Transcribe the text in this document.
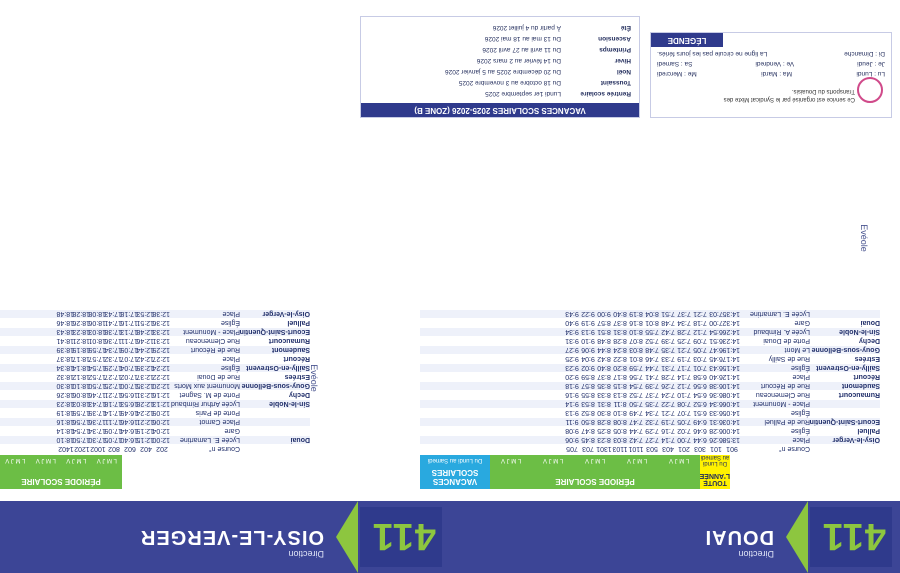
411
Direction
DOUAI
411
Direction
OISY-LE-VERGER
TOUTE L'ANNÉE
Du Lundi
au Samedi
PÉRIODE SCOLAIRE
L M J V
L M J V
L M J V
L M J V
L M J V
VACANCES SCOLAIRES
Du Lundi au Samedi
PÉRIODE SCOLAIRE
L M J V
L M J V
L M J V
L M J V
Course n°
901
101
303
201
403
503
1101
1103
1301
703
705
Oisy-le-Verger
Place
13:58
6:26
6:44
7:00
7:14
7:27
7:42
8:03
8:23
8:45
9:06
Palluel
Église
14:00
6:28
6:46
7:02
7:16
7:29
7:44
8:05
8:25
8:47
9:08
Ecourt-Saint-Quentin
Rue de Palluel
14:03
6:31
6:49
7:05
7:19
7:32
7:47
8:08
8:28
8:50
9:11
Église
14:05
6:33
6:51
7:07
7:21
7:34
7:49
8:10
8:30
8:52
9:13
Place - Monument
14:06
6:34
6:52
7:08
7:22
7:35
7:50
8:11
8:31
8:53
9:14
Rumaucourt
Rue Clemenceau
14:08
6:36
6:54
7:10
7:24
7:37
7:52
8:13
8:33
8:55
9:16
Saudemont
Rue de Récourt
14:10
6:38
6:56
7:12
7:26
7:39
7:54
8:15
8:35
8:57
9:18
Récourt
Place
14:12
6:40
6:58
7:14
7:28
7:41
7:56
8:17
8:37
8:59
9:20
Sailly-en-Ostrevent
Église
14:15
6:43
7:01
7:17
7:31
7:44
7:59
8:20
8:40
9:02
9:23
Estrées
Rue de Sailly
14:17
6:45
7:03
7:19
7:33
7:46
8:01
8:22
8:42
9:04
9:25
Gouy-sous-Bellonne
Le Mont
14:19
6:47
7:05
7:21
7:35
7:48
8:03
8:24
8:44
9:06
9:27
Dechy
Porte de Douai
14:23
6:51
7:09
7:25
7:39
7:52
8:07
8:28
8:48
9:10
9:31
Sin-le-Noble
Lycée A. Rimbaud
14:26
6:54
7:12
7:28
7:42
7:55
8:10
8:31
8:51
9:13
9:34
Douai
Gare
14:32
7:00
7:18
7:34
7:48
8:01
8:16
8:37
8:57
9:19
9:40
Lycée E. Lamartine
14:35
7:03
7:21
7:37
7:51
8:04
8:19
8:40
9:00
9:22
9:43
Course n°
202
402
602
802
1002
1202
1402
Douai
Lycée E. Lamartine
12:00
12:15
16:40
17:05
17:30
17:50
18:10
Gare
12:04
12:19
16:44
17:09
17:34
17:54
18:14
Place Carnot
12:06
12:21
16:46
17:11
17:36
17:56
18:16
Porte de Paris
12:09
12:24
16:49
17:14
17:39
17:59
18:19
Sin-le-Noble
Lycée Arthur Rimbaud
12:13
12:28
16:53
17:18
17:43
18:03
18:23
Dechy
Porte de M. Sagnet
12:16
12:31
16:56
17:21
17:46
18:06
18:26
Gouy-sous-Bellonne
Monument aux Morts
12:20
12:35
17:00
17:25
17:50
18:10
18:30
Estrées
Rue de Douai
12:22
12:37
17:02
17:27
17:52
18:12
18:32
Sailly-en-Ostrevent
Église
12:24
12:39
17:04
17:29
17:54
18:14
18:34
Récourt
Place
12:27
12:42
17:07
17:32
17:57
18:17
18:37
Saudemont
Rue de Récourt
12:29
12:44
17:09
17:34
17:59
18:19
18:39
Rumaucourt
Rue Clemenceau
12:31
12:46
17:11
17:36
18:01
18:21
18:41
Ecourt-Saint-Quentin
Place - Monument
12:33
12:48
17:13
17:38
18:03
18:23
18:43
Palluel
Église
12:36
12:51
17:16
17:41
18:06
18:26
18:46
Oisy-le-Verger
Place
12:38
12:53
17:18
17:43
18:08
18:28
18:48
Evéole
Evéole
VACANCES SCOLAIRES 2025-2026 (ZONE B)
Rentrée scolaire
Lundi 1er septembre 2025
Toussaint
Du 18 octobre au 3 novembre 2025
Noël
Du 20 décembre 2025 au 5 janvier 2026
Hiver
Du 14 février au 2 mars 2026
Printemps
Du 11 avril au 27 avril 2026
Ascension
Du 13 mai au 18 mai 2026
Été
À partir du 4 juillet 2026
Ce service est organisé par le Syndicat Mixte des Transports du Douaisis.
Lu : Lundi
Ma : Mardi
Me : Mercredi
Je : Jeudi
Ve : Vendredi
Sa : Samedi
Di : Dimanche
La ligne ne circule pas les jours fériés.
LÉGENDE
